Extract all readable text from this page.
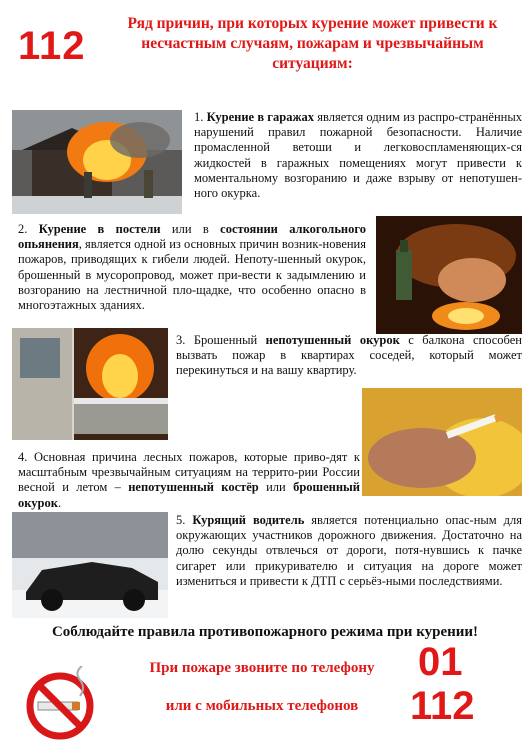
112
Ряд причин, при которых курение может привести к несчастным случаям, пожарам и чрезвычайным ситуациям:
1. Курение в гаражах является одним из распро-странённых нарушений правил пожарной безопасности. Наличие промасленной ветоши и легковоспламеняющих-ся жидкостей в гаражных помещениях могут привести к моментальному возгоранию и даже взрыву от непотушен-ного окурка.
2. Курение в постели или в состоянии алкогольного опьянения, является одной из основных причин возник-новения пожаров, приводящих к гибели людей. Непоту-шенный окурок, брошенный в мусоропровод, может при-вести к задымлению и возгоранию на лестничной пло-щадке, что особенно опасно в многоэтажных зданиях.
3. Брошенный непотушенный окурок с балкона способен вызвать пожар в квартирах соседей, который может перекинуться и на вашу квартиру.
4. Основная причина лесных пожаров, которые приво-дят к масштабным чрезвычайным ситуациям на террито-рии России весной и летом – непотушенный костёр или брошенный окурок.
5. Курящий водитель является потенциально опас-ным для окружающих участников дорожного движения. Достаточно на долю секунды отвлечься от дороги, потя-нувшись к пачке сигарет или прикуривателю и ситуация на дороге может измениться и привести к ДТП с серьёз-ными последствиями.
Соблюдайте правила противопожарного режима при курении!
При пожаре звоните по телефону
или с мобильных телефонов
01
112
